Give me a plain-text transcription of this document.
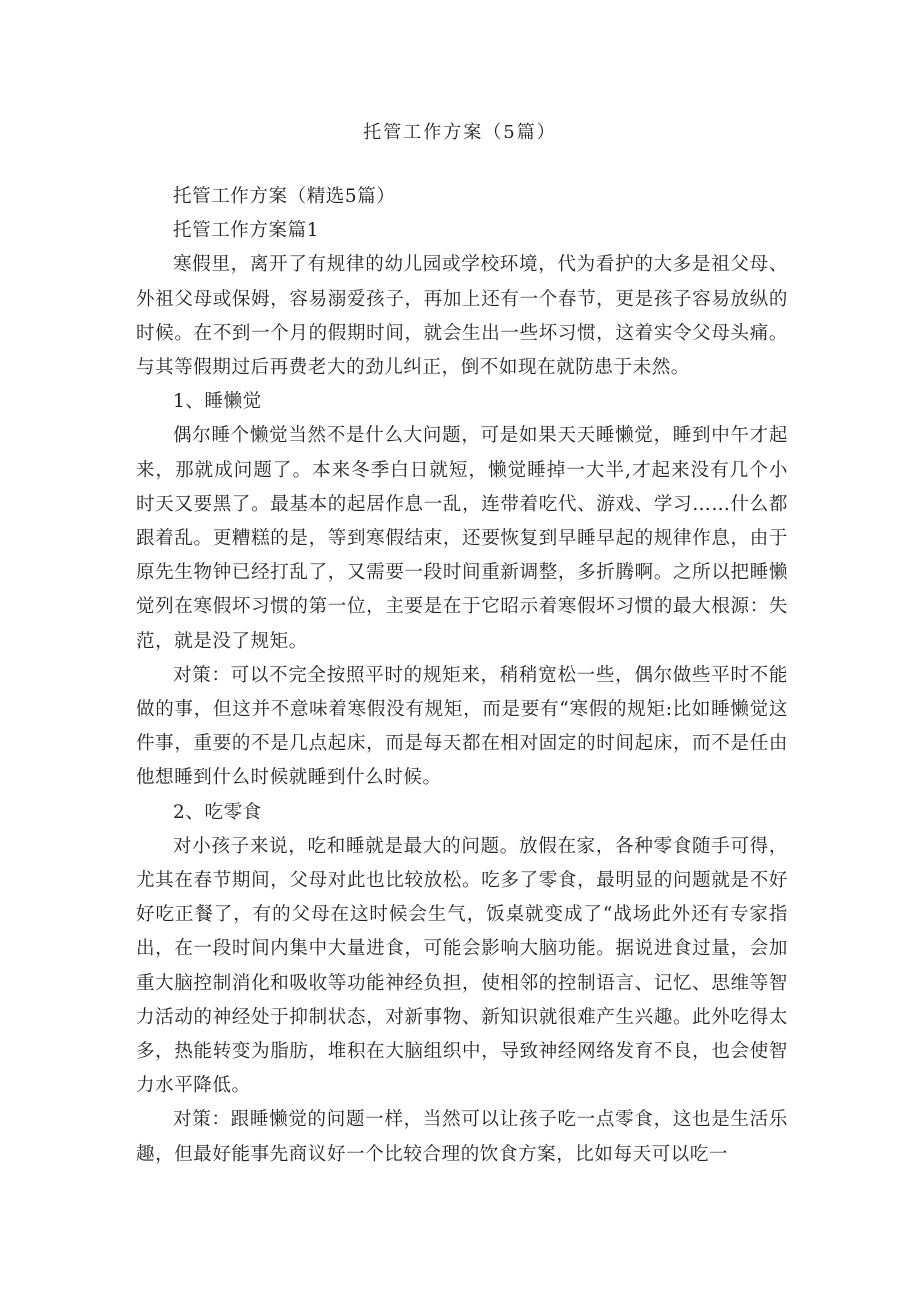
托管工作方案（5篇）

托管工作方案（精选5篇）

托管工作方案篇1

寒假里，离开了有规律的幼儿园或学校环境，代为看护的大多是祖父母、外祖父母或保姆，容易溺爱孩子，再加上还有一个春节，更是孩子容易放纵的时候。在不到一个月的假期时间，就会生出一些坏习惯，这着实令父母头痛。与其等假期过后再费老大的劲儿纠正，倒不如现在就防患于未然。

1、睡懒觉

偶尔睡个懒觉当然不是什么大问题，可是如果天天睡懒觉，睡到中午才起来，那就成问题了。本来冬季白日就短，懒觉睡掉一大半,才起来没有几个小时天又要黑了。最基本的起居作息一乱，连带着吃代、游戏、学习……什么都跟着乱。更糟糕的是，等到寒假结束，还要恢复到早睡早起的规律作息，由于原先生物钟已经打乱了，又需要一段时间重新调整，多折腾啊。之所以把睡懒觉列在寒假坏习惯的第一位，主要是在于它昭示着寒假坏习惯的最大根源：失范，就是没了规矩。

对策：可以不完全按照平时的规矩来，稍稍宽松一些，偶尔做些平时不能做的事，但这并不意味着寒假没有规矩，而是要有“寒假的规矩:比如睡懒觉这件事，重要的不是几点起床，而是每天都在相对固定的时间起床，而不是任由他想睡到什么时候就睡到什么时候。

2、吃零食

对小孩子来说，吃和睡就是最大的问题。放假在家，各种零食随手可得，尤其在春节期间，父母对此也比较放松。吃多了零食，最明显的问题就是不好好吃正餐了，有的父母在这时候会生气，饭桌就变成了“战场此外还有专家指出，在一段时间内集中大量进食，可能会影响大脑功能。据说进食过量，会加重大脑控制消化和吸收等功能神经负担，使相邻的控制语言、记忆、思维等智力活动的神经处于抑制状态，对新事物、新知识就很难产生兴趣。此外吃得太多，热能转变为脂肪，堆积在大脑组织中，导致神经网络发育不良，也会使智力水平降低。

对策：跟睡懒觉的问题一样，当然可以让孩子吃一点零食，这也是生活乐趣，但最好能事先商议好一个比较合理的饮食方案，比如每天可以吃一
